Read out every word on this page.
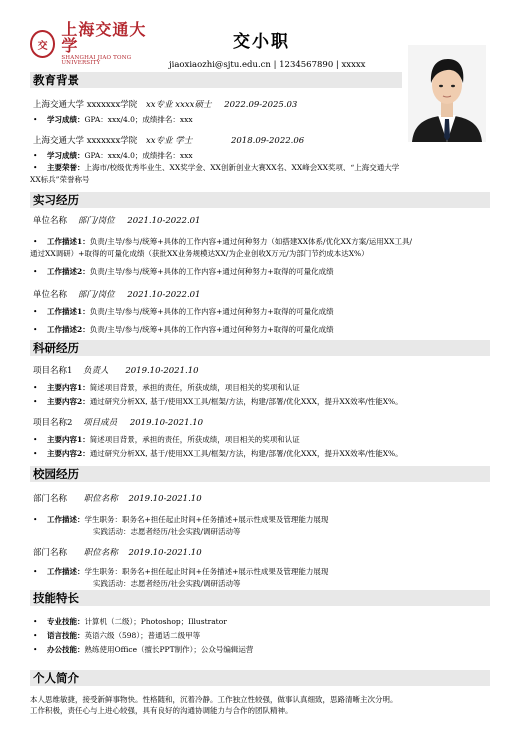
交
上海交通大学
SHANGHAI JIAO TONG UNIVERSITY
交小职
jiaoxiaozhi@sjtu.edu.cn | 1234567890 | xxxxx
教育背景
上海交通大学 xxxxxxx学院 xx专业 xxxx硕士 2022.09-2025.03
• 学习成绩：GPA：xxx/4.0；成绩排名：xxx
上海交通大学 xxxxxxx学院 xx专业 学士	2018.09-2022.06
• 学习成绩：GPA：xxx/4.0；成绩排名：xxx
• 主要荣誉：上海市/校级优秀毕业生、XX奖学金、XX创新创业大赛XX名、XX峰会XX奖项、“上海交通大学
XX标兵”荣誉称号
实习经历
单位名称 部门/岗位 2021.10-2022.01
• 工作描述1：负责/主导/参与/统筹+具体的工作内容+通过何种努力（如搭建XX体系/优化XX方案/运用XX工具/
通过XX调研）+取得的可量化成绩（获批XX业务规模达XX/为企业创收X万元/为部门节约成本达X%）
• 工作描述2：负责/主导/参与/统筹+具体的工作内容+通过何种努力+取得的可量化成绩
单位名称 部门/岗位 2021.10-2022.01
• 工作描述1：负责/主导/参与/统筹+具体的工作内容+通过何种努力+取得的可量化成绩
• 工作描述2：负责/主导/参与/统筹+具体的工作内容+通过何种努力+取得的可量化成绩
科研经历
项目名称1 负责人 2019.10-2021.10
• 主要内容1：简述项目背景，承担的责任，所获成绩，项目相关的奖项和认证
• 主要内容2：通过研究分析XX, 基于/使用XX工具/框架/方法，构建/部署/优化XXX，提升XX效率/性能X%。
项目名称2 项目成员 2019.10-2021.10
• 主要内容1：简述项目背景，承担的责任，所获成绩，项目相关的奖项和认证
• 主要内容2：通过研究分析XX, 基于/使用XX工具/框架/方法，构建/部署/优化XXX，提升XX效率/性能X%。
校园经历
部门名称 职位名称 2019.10-2021.10
• 工作描述：学生职务：职务名+担任起止时间+任务描述+展示性成果及管理能力展现
实践活动：志愿者经历/社会实践/调研活动等
部门名称 职位名称 2019.10-2021.10
• 工作描述：学生职务：职务名+担任起止时间+任务描述+展示性成果及管理能力展现
实践活动：志愿者经历/社会实践/调研活动等
技能特长
• 专业技能：计算机（二级）；Photoshop；Illustrator
• 语言技能：英语六级（598）；普通话二级甲等
• 办公技能：熟练使用Office（擅长PPT制作）；公众号编辑运营
个人简介
本人思维敏捷，接受新鲜事物快。性格随和，沉着冷静。工作独立性较强，做事认真细致，思路清晰主次分明。
工作积极，责任心与上进心较强，具有良好的沟通协调能力与合作的团队精神。
